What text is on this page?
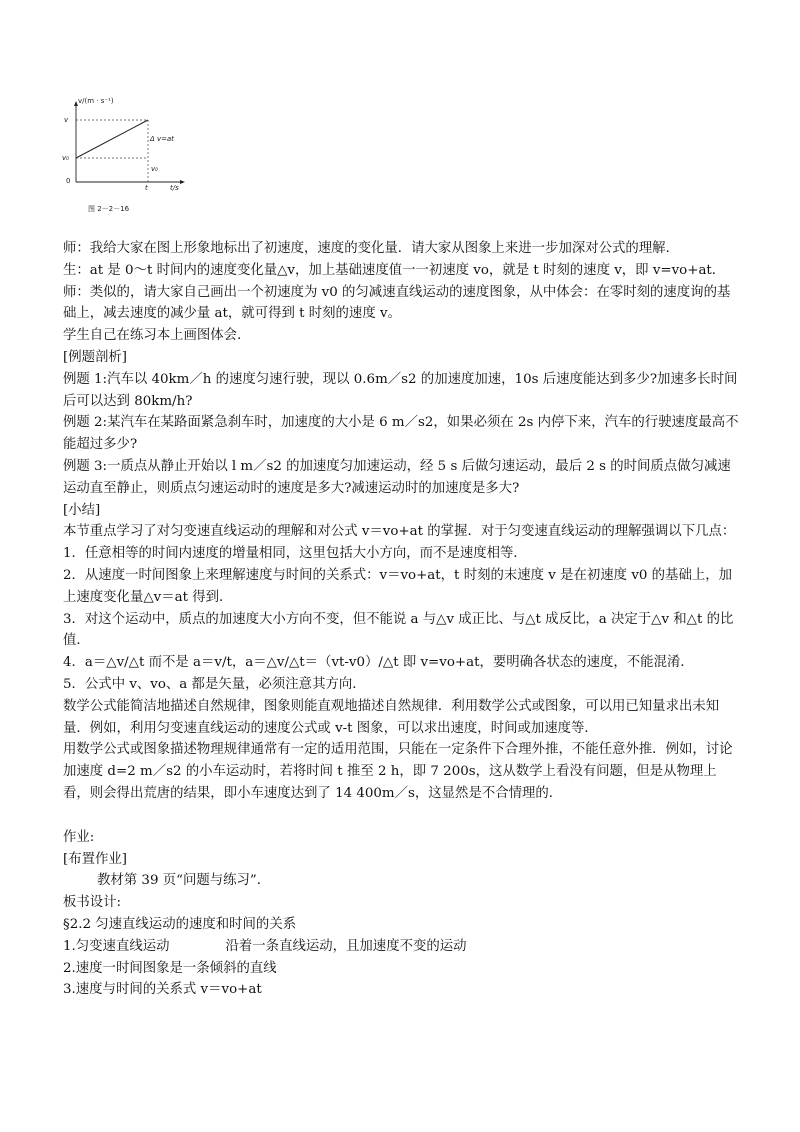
v/(m · s⁻¹)
v
v₀
0
Δ v=at
v₀
t	t/s
图 2－2－16

师：我给大家在图上形象地标出了初速度，速度的变化量．请大家从图象上来进一步加深对公式的理解．

生：at 是 0～t 时间内的速度变化量△v，加上基础速度值一一初速度 vo，就是 t 时刻的速度 v，即 v=vo+at．

师：类似的，请大家自己画出一个初速度为 v0 的匀减速直线运动的速度图象，从中体会：在零时刻的速度询的基础上，减去速度的减少量 at，就可得到 t 时刻的速度 v。

学生自己在练习本上画图体会．

[例题剖析]

例题 1:汽车以 40km／h 的速度匀速行驶，现以 0.6m／s2 的加速度加速，10s 后速度能达到多少?加速多长时间后可以达到 80km/h?

例题 2:某汽车在某路面紧急刹车时，加速度的大小是 6 m／s2，如果必须在 2s 内停下来，汽车的行驶速度最高不能超过多少?

例题 3:一质点从静止开始以 l m／s2 的加速度匀加速运动，经 5 s 后做匀速运动，最后 2 s 的时间质点做匀减速运动直至静止，则质点匀速运动时的速度是多大?减速运动时的加速度是多大?

[小结]

本节重点学习了对匀变速直线运动的理解和对公式 v＝vo+at 的掌握．对于匀变速直线运动的理解强调以下几点：

1．任意相等的时间内速度的增量相同，这里包括大小方向，而不是速度相等．

2．从速度一时间图象上来理解速度与时间的关系式：v＝vo+at，t 时刻的末速度 v 是在初速度 v0 的基础上，加上速度变化量△v＝at 得到．

3．对这个运动中，质点的加速度大小方向不变，但不能说 a 与△v 成正比、与△t 成反比，a 决定于△v 和△t 的比值．

4．a＝△v/△t 而不是 a＝v/t，a＝△v/△t＝（vt-v0）/△t 即 v=vo+at，要明确各状态的速度，不能混淆．

5．公式中 v、vo、a 都是矢量，必须注意其方向．

数学公式能简洁地描述自然规律，图象则能直观地描述自然规律．利用数学公式或图象，可以用已知量求出未知量．例如，利用匀变速直线运动的速度公式或 v-t 图象，可以求出速度，时间或加速度等．

用数学公式或图象描述物理规律通常有一定的适用范围，只能在一定条件下合理外推，不能任意外推．例如，讨论加速度 d=2 m／s2 的小车运动时，若将时间 t 推至 2 h，即 7 200s，这从数学上看没有问题，但是从物理上看，则会得出荒唐的结果，即小车速度达到了 14 400m／s，这显然是不合情理的．

作业:

[布置作业]

教材第 39 页“问题与练习”．

板书设计:

§2.2 匀速直线运动的速度和时间的关系

1.匀变速直线运动	沿着一条直线运动，且加速度不变的运动

2.速度一时间图象是一条倾斜的直线

3.速度与时间的关系式 v＝vo+at
